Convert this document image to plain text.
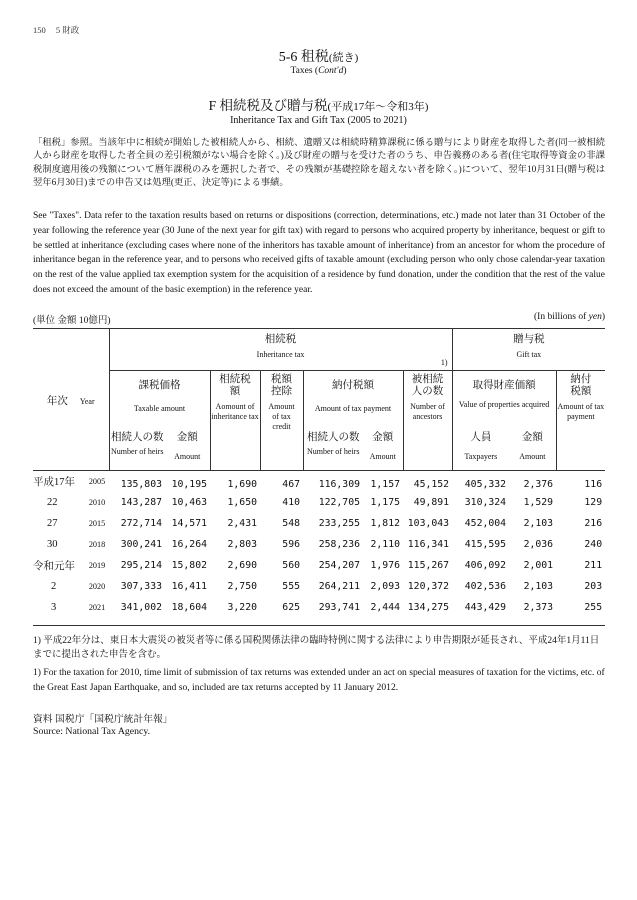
150 5 財政
5-6 租税(続き)
Taxes (Cont'd)
F 相続税及び贈与税(平成17年～令和3年)
Inheritance Tax and Gift Tax (2005 to 2021)
「租税」参照。当該年中に相続が開始した被相続人から、相続、遺贈又は相続時精算課税に係る贈与により財産を取得した者(同一被相続人から財産を取得した者全員の差引税額がない場合を除く。)及び財産の贈与を受けた者のうち、申告義務のある者(住宅取得等資金の非課税制度適用後の残額について暦年課税のみを選択した者で、その残額が基礎控除を超えない者を除く。)について、翌年10月31日(贈与税は翌年6月30日)までの申告又は処理(更正、決定等)による事績。
See "Taxes". Data refer to the taxation results based on returns or dispositions (correction, determinations, etc.) made not later than 31 October of the year following the reference year (30 June of the next year for gift tax) with regard to persons who acquired property by inheritance, bequest or gift to be settled at inheritance (excluding cases where none of the inheritors has taxable amount of inheritance) from an ancestor for whom the procedure of inheritance began in the reference year, and to persons who received gifts of taxable amount (excluding person who only chose calendar-year taxation on the rest of the value applied tax exemption system for the acquisition of a residence by fund donation, under the condition that the rest of the value does not exceed the amount of the basic exemption) in the reference year.
(単位 金額 10億円)	(In billions of yen)
年次 Year		相続税
Inheritance tax
1)							贈与税
Gift tax		

		課税価格
Taxable amount		相続税額
Aomount of inheritance tax	税額控除
Amount of tax credit	納付税額
Amount of tax payment		被相続人の数
Number of ancestors	取得財産価額
Value of properties acquired		納付税額
Amount of tax payment

		相続人の数
Number of heirs	金額
Amount			相続人の数
Number of heirs	金額
Amount		人員
Taxpayers	金額
Amount	

平成17年	2005	135,803	10,195	1,690	467	116,309	1,157	45,152	405,332	2,376	116
22	2010	143,287	10,463	1,650	410	122,705	1,175	49,891	310,324	1,529	129
27	2015	272,714	14,571	2,431	548	233,255	1,812	103,043	452,004	2,103	216
30	2018	300,241	16,264	2,803	596	258,236	2,110	116,341	415,595	2,036	240
令和元年	2019	295,214	15,802	2,690	560	254,207	1,976	115,267	406,092	2,001	211
2	2020	307,333	16,411	2,750	555	264,211	2,093	120,372	402,536	2,103	203
3	2021	341,002	18,604	3,220	625	293,741	2,444	134,275	443,429	2,373	255

1) 平成22年分は、東日本大震災の被災者等に係る国税関係法律の臨時特例に関する法律により申告期限が延長され、平成24年1月11日までに提出された申告を含む。
1) For the taxation for 2010, time limit of submission of tax returns was extended under an act on special measures of taxation for the victims, etc. of the Great East Japan Earthquake, and so, included are tax returns accepted by 11 January 2012.
資料 国税庁「国税庁統計年報」
Source: National Tax Agency.
